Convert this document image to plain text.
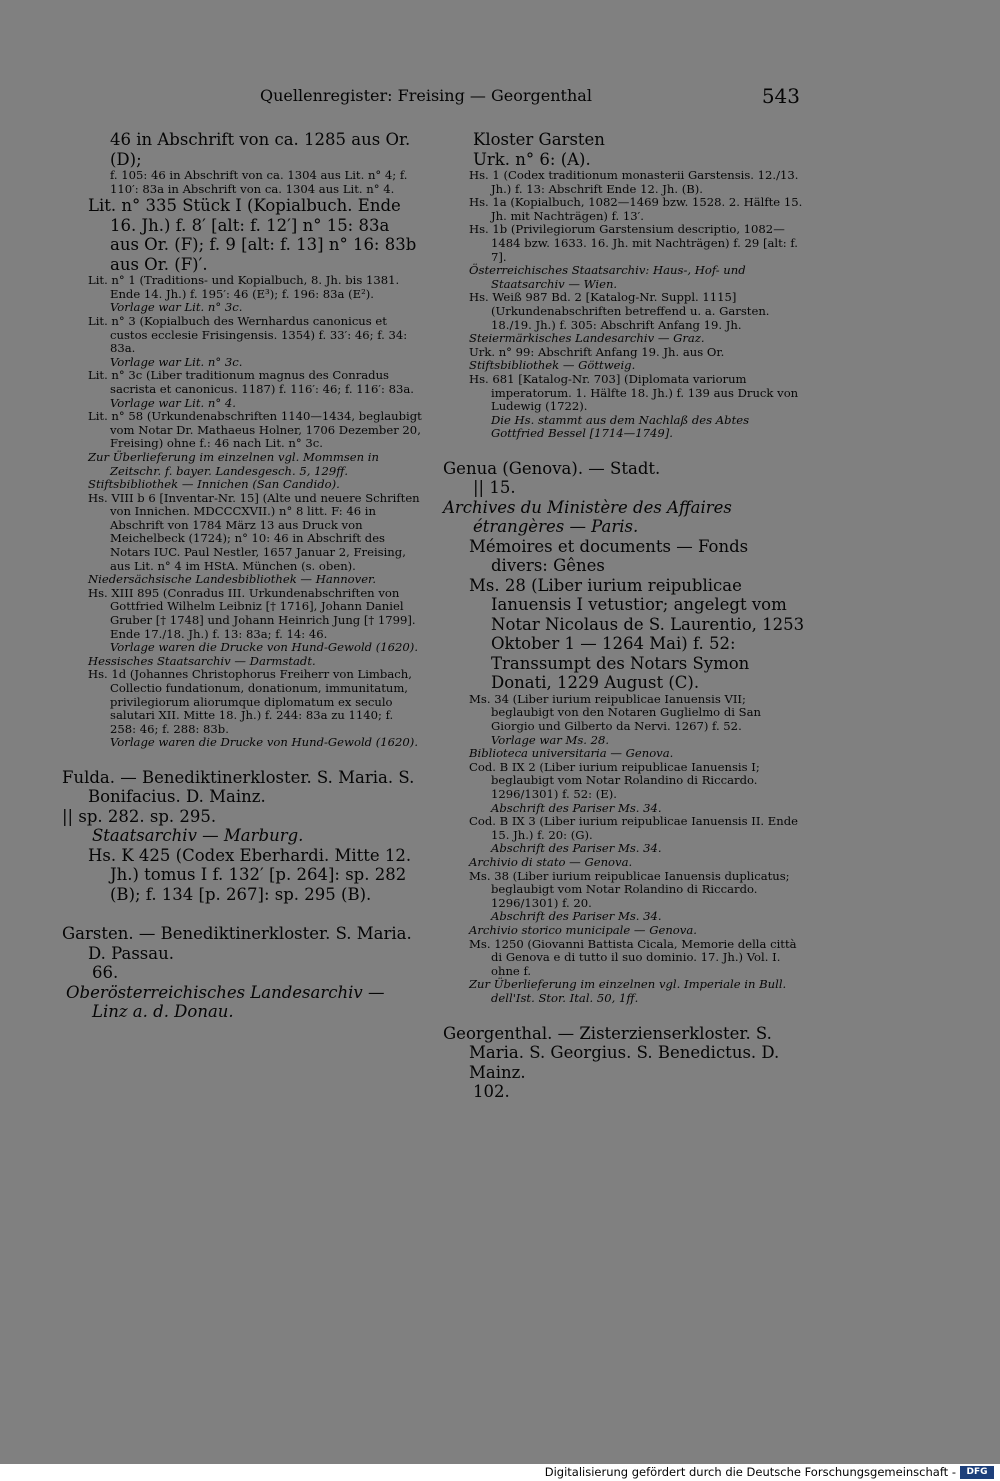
Quellenregister: Freising — Georgenthal	543
46 in Abschrift von ca. 1285 aus Or. (D);
f. 105: 46 in Abschrift von ca. 1304 aus Lit. n° 4; f. 110′: 83a in Abschrift von ca. 1304 aus Lit. n° 4.
Lit. n° 335 Stück I (Kopialbuch. Ende 16. Jh.) f. 8′ [alt: f. 12′] n° 15: 83a aus Or. (F); f. 9 [alt: f. 13] n° 16: 83b aus Or. (F)′.
Lit. n° 1 (Traditions- und Kopialbuch, 8. Jh. bis 1381. Ende 14. Jh.) f. 195′: 46 (E³); f. 196: 83a (E²).
Vorlage war Lit. n° 3c.
Lit. n° 3 (Kopialbuch des Wernhardus canonicus et custos ecclesie Frisingensis. 1354) f. 33′: 46; f. 34: 83a.
Vorlage war Lit. n° 3c.
Lit. n° 3c (Liber traditionum magnus des Conradus sacrista et canonicus. 1187) f. 116′: 46; f. 116′: 83a.
Vorlage war Lit. n° 4.
Lit. n° 58 (Urkundenabschriften 1140—1434, beglaubigt vom Notar Dr. Mathaeus Holner, 1706 Dezember 20, Freising) ohne f.: 46 nach Lit. n° 3c.
Zur Überlieferung im einzelnen vgl. Mommsen in Zeitschr. f. bayer. Landesgesch. 5, 129ff.
Stiftsbibliothek — Innichen (San Candido).
Hs. VIII b 6 [Inventar-Nr. 15] (Alte und neuere Schriften von Innichen. MDCCCXVII.) n° 8 litt. F: 46 in Abschrift von 1784 März 13 aus Druck von Meichelbeck (1724); n° 10: 46 in Abschrift des Notars IUC. Paul Nestler, 1657 Januar 2, Freising, aus Lit. n° 4 im HStA. München (s. oben).
Niedersächsische Landesbibliothek — Hannover.
Hs. XIII 895 (Conradus III. Urkundenabschriften von Gottfried Wilhelm Leibniz [† 1716], Johann Daniel Gruber [† 1748] und Johann Heinrich Jung [† 1799]. Ende 17./18. Jh.) f. 13: 83a; f. 14: 46.
Vorlage waren die Drucke von Hund-Gewold (1620).
Hessisches Staatsarchiv — Darmstadt.
Hs. 1d (Johannes Christophorus Freiherr von Limbach, Collectio fundationum, donationum, immunitatum, privilegiorum aliorumque diplomatum ex seculo salutari XII. Mitte 18. Jh.) f. 244: 83a zu 1140; f. 258: 46; f. 288: 83b.
Vorlage waren die Drucke von Hund-Gewold (1620).
Fulda. — Benediktinerkloster. S. Maria. S. Bonifacius. D. Mainz.
|| sp. 282. sp. 295.
Staatsarchiv — Marburg.
Hs. K 425 (Codex Eberhardi. Mitte 12. Jh.) tomus I f. 132′ [p. 264]: sp. 282 (B); f. 134 [p. 267]: sp. 295 (B).
Garsten. — Benediktinerkloster. S. Maria. D. Passau.
66.
Oberösterreichisches Landesarchiv — Linz a. d. Donau.
Kloster Garsten
Urk. n° 6: (A).
Hs. 1 (Codex traditionum monasterii Garstensis. 12./13. Jh.) f. 13: Abschrift Ende 12. Jh. (B).
Hs. 1a (Kopialbuch, 1082—1469 bzw. 1528. 2. Hälfte 15. Jh. mit Nachträgen) f. 13′.
Hs. 1b (Privilegiorum Garstensium descriptio, 1082—1484 bzw. 1633. 16. Jh. mit Nachträgen) f. 29 [alt: f. 7].
Österreichisches Staatsarchiv: Haus-, Hof- und Staatsarchiv — Wien.
Hs. Weiß 987 Bd. 2 [Katalog-Nr. Suppl. 1115] (Urkundenabschriften betreffend u. a. Garsten. 18./19. Jh.) f. 305: Abschrift Anfang 19. Jh.
Steiermärkisches Landesarchiv — Graz.
Urk. n° 99: Abschrift Anfang 19. Jh. aus Or.
Stiftsbibliothek — Göttweig.
Hs. 681 [Katalog-Nr. 703] (Diplomata variorum imperatorum. 1. Hälfte 18. Jh.) f. 139 aus Druck von Ludewig (1722).
Die Hs. stammt aus dem Nachlaß des Abtes Gottfried Bessel [1714—1749].
Genua (Genova). — Stadt.
|| 15.
Archives du Ministère des Affaires étrangères — Paris.
Mémoires et documents — Fonds divers: Gênes
Ms. 28 (Liber iurium reipublicae Ianuensis I vetustior; angelegt vom Notar Nicolaus de S. Laurentio, 1253 Oktober 1 — 1264 Mai) f. 52: Transsumpt des Notars Symon Donati, 1229 August (C).
Ms. 34 (Liber iurium reipublicae Ianuensis VII; beglaubigt von den Notaren Guglielmo di San Giorgio und Gilberto da Nervi. 1267) f. 52.
Vorlage war Ms. 28.
Biblioteca universitaria — Genova.
Cod. B IX 2 (Liber iurium reipublicae Ianuensis I; beglaubigt vom Notar Rolandino di Riccardo. 1296/1301) f. 52: (E).
Abschrift des Pariser Ms. 34.
Cod. B IX 3 (Liber iurium reipublicae Ianuensis II. Ende 15. Jh.) f. 20: (G).
Abschrift des Pariser Ms. 34.
Archivio di stato — Genova.
Ms. 38 (Liber iurium reipublicae Ianuensis duplicatus; beglaubigt vom Notar Rolandino di Riccardo. 1296/1301) f. 20.
Abschrift des Pariser Ms. 34.
Archivio storico municipale — Genova.
Ms. 1250 (Giovanni Battista Cicala, Memorie della città di Genova e di tutto il suo dominio. 17. Jh.) Vol. I. ohne f.
Zur Überlieferung im einzelnen vgl. Imperiale in Bull. dell'Ist. Stor. Ital. 50, 1ff.
Georgenthal. — Zisterzienserkloster. S. Maria. S. Georgius. S. Benedictus. D. Mainz.
102.
Digitalisierung gefördert durch die Deutsche Forschungsgemeinschaft -	DFG
